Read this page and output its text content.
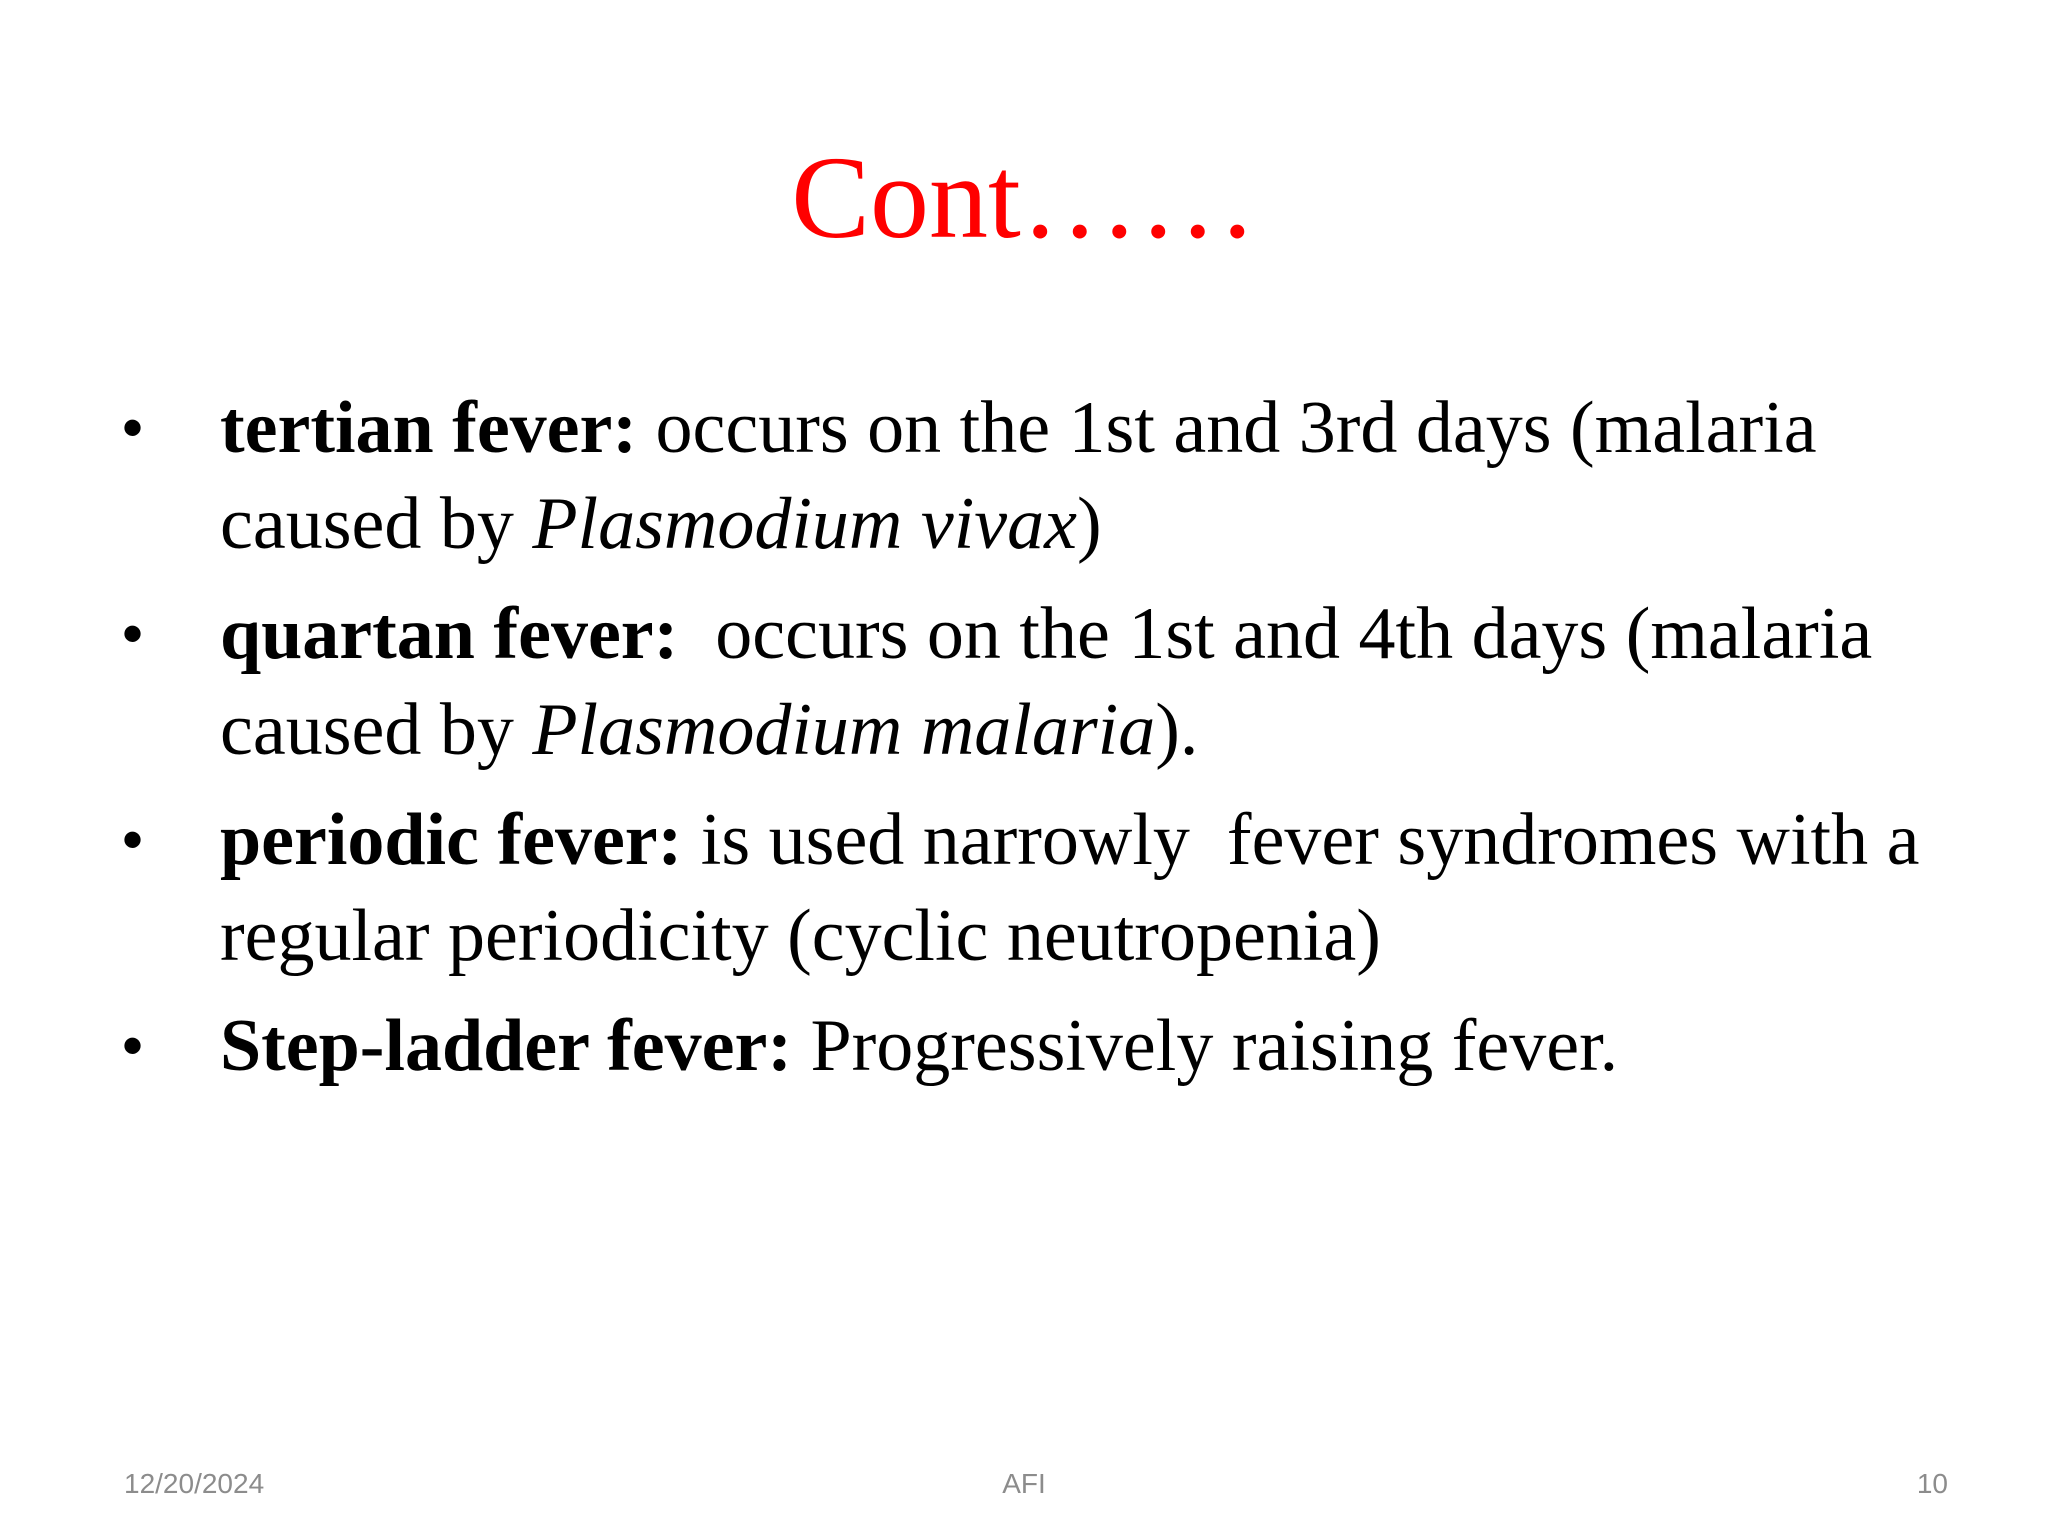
Cont……
• tertian fever: occurs on the 1st and 3rd days (malaria caused by Plasmodium vivax)
• quartan fever:  occurs on the 1st and 4th days (malaria caused by Plasmodium malaria).
• periodic fever: is used narrowly  fever syndromes with a regular periodicity (cyclic neutropenia)
• Step-ladder fever: Progressively raising fever.
12/20/2024	AFI	10
